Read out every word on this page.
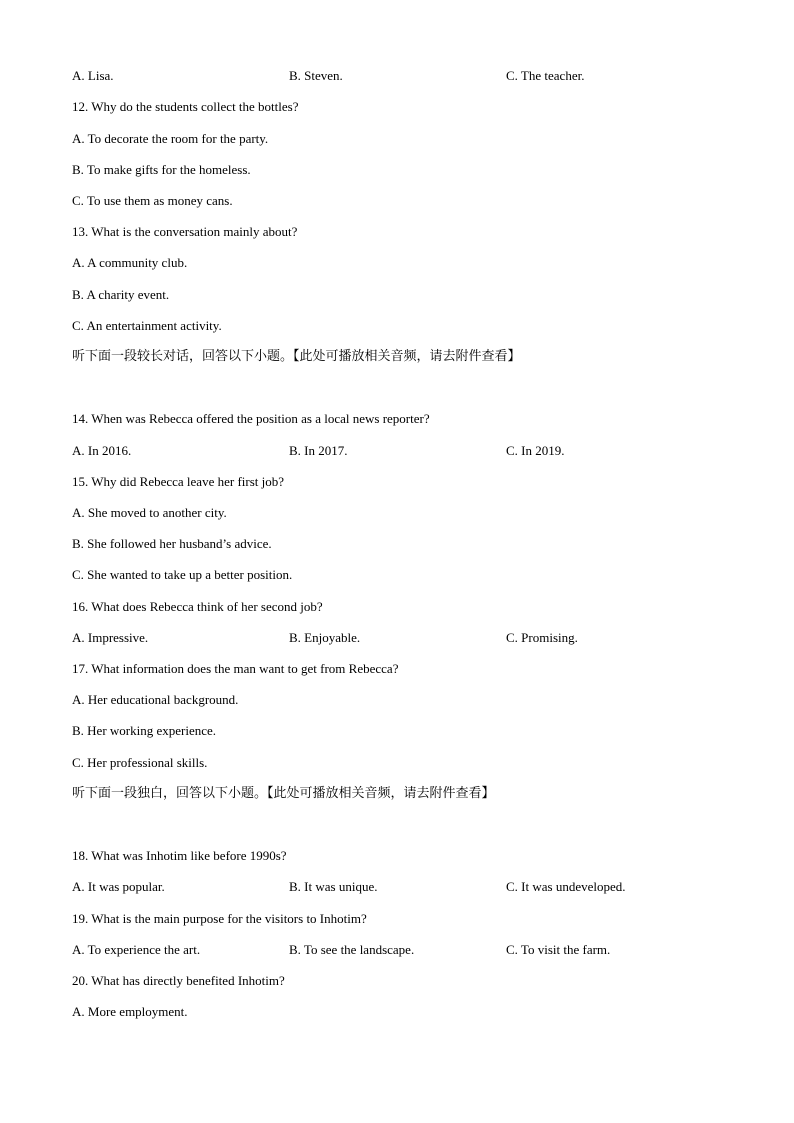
A. Lisa.	B. Steven.	C. The teacher.
12. Why do the students collect the bottles?
A. To decorate the room for the party.
B. To make gifts for the homeless.
C. To use them as money cans.
13. What is the conversation mainly about?
A. A community club.
B. A charity event.
C. An entertainment activity.
听下面一段较长对话，回答以下小题。【此处可播放相关音频，请去附件查看】
14. When was Rebecca offered the position as a local news reporter?
A. In 2016.	B. In 2017.	C. In 2019.
15. Why did Rebecca leave her first job?
A. She moved to another city.
B. She followed her husband’s advice.
C. She wanted to take up a better position.
16. What does Rebecca think of her second job?
A. Impressive.	B. Enjoyable.	C. Promising.
17. What information does the man want to get from Rebecca?
A. Her educational background.
B. Her working experience.
C. Her professional skills.
听下面一段独白，回答以下小题。【此处可播放相关音频，请去附件查看】
18. What was Inhotim like before 1990s?
A. It was popular.	B. It was unique.	C. It was undeveloped.
19. What is the main purpose for the visitors to Inhotim?
A. To experience the art.	B. To see the landscape.	C. To visit the farm.
20. What has directly benefited Inhotim?
A. More employment.
